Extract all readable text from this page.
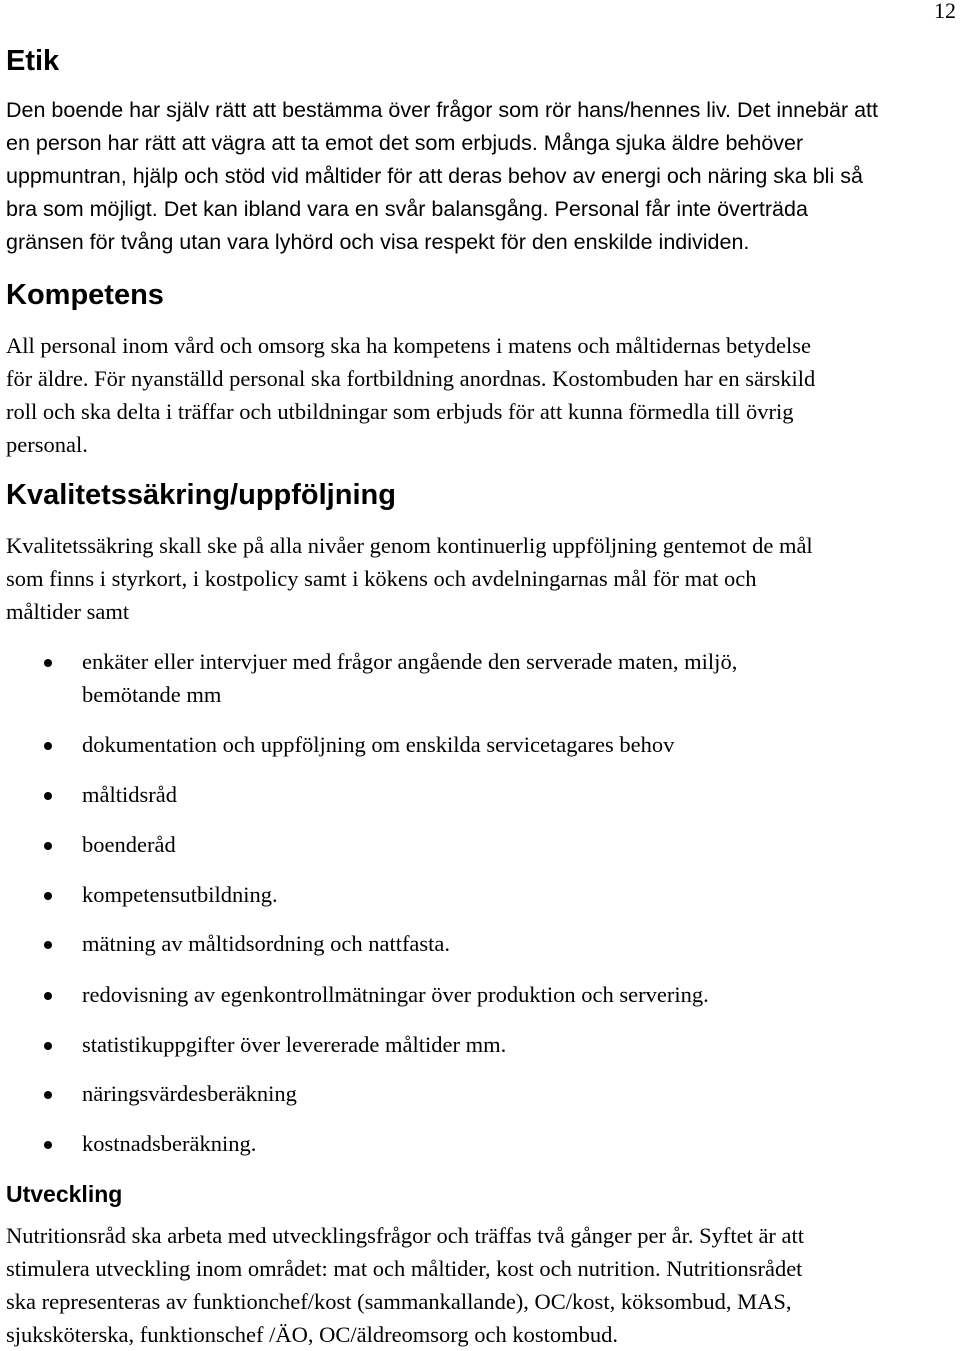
12
Etik
Den boende har själv rätt att bestämma över frågor som rör hans/hennes liv. Det innebär att
en person har rätt att vägra att ta emot det som erbjuds. Många sjuka äldre behöver
uppmuntran, hjälp och stöd vid måltider för att deras behov av energi och näring ska bli så
bra som möjligt. Det kan ibland vara en svår balansgång. Personal får inte överträda
gränsen för tvång utan vara lyhörd och visa respekt för den enskilde individen.
Kompetens
All personal inom vård och omsorg ska ha kompetens i matens och måltidernas betydelse
för äldre. För nyanställd personal ska fortbildning anordnas. Kostombuden har en särskild
roll och ska delta i träffar och utbildningar som erbjuds för att kunna förmedla till övrig
personal.
Kvalitetssäkring/uppföljning
Kvalitetssäkring skall ske på alla nivåer genom kontinuerlig uppföljning gentemot de mål
som finns i styrkort, i kostpolicy samt i kökens och avdelningarnas mål för mat och
måltider samt
enkäter eller intervjuer med frågor angående den serverade maten, miljö,
bemötande mm
dokumentation och uppföljning om enskilda servicetagares behov
måltidsråd
boenderåd
kompetensutbildning.
mätning av måltidsordning och nattfasta.
redovisning av egenkontrollmätningar över produktion och servering.
statistikuppgifter över levererade måltider mm.
näringsvärdesberäkning
kostnadsberäkning.
Utveckling
Nutritionsråd ska arbeta med utvecklingsfrågor och träffas två gånger per år. Syftet är att
stimulera utveckling inom området: mat och måltider, kost och nutrition. Nutritionsrådet
ska representeras av funktionchef/kost (sammankallande), OC/kost, köksombud, MAS,
sjuksköterska, funktionschef /ÄO, OC/äldreomsorg och kostombud.
